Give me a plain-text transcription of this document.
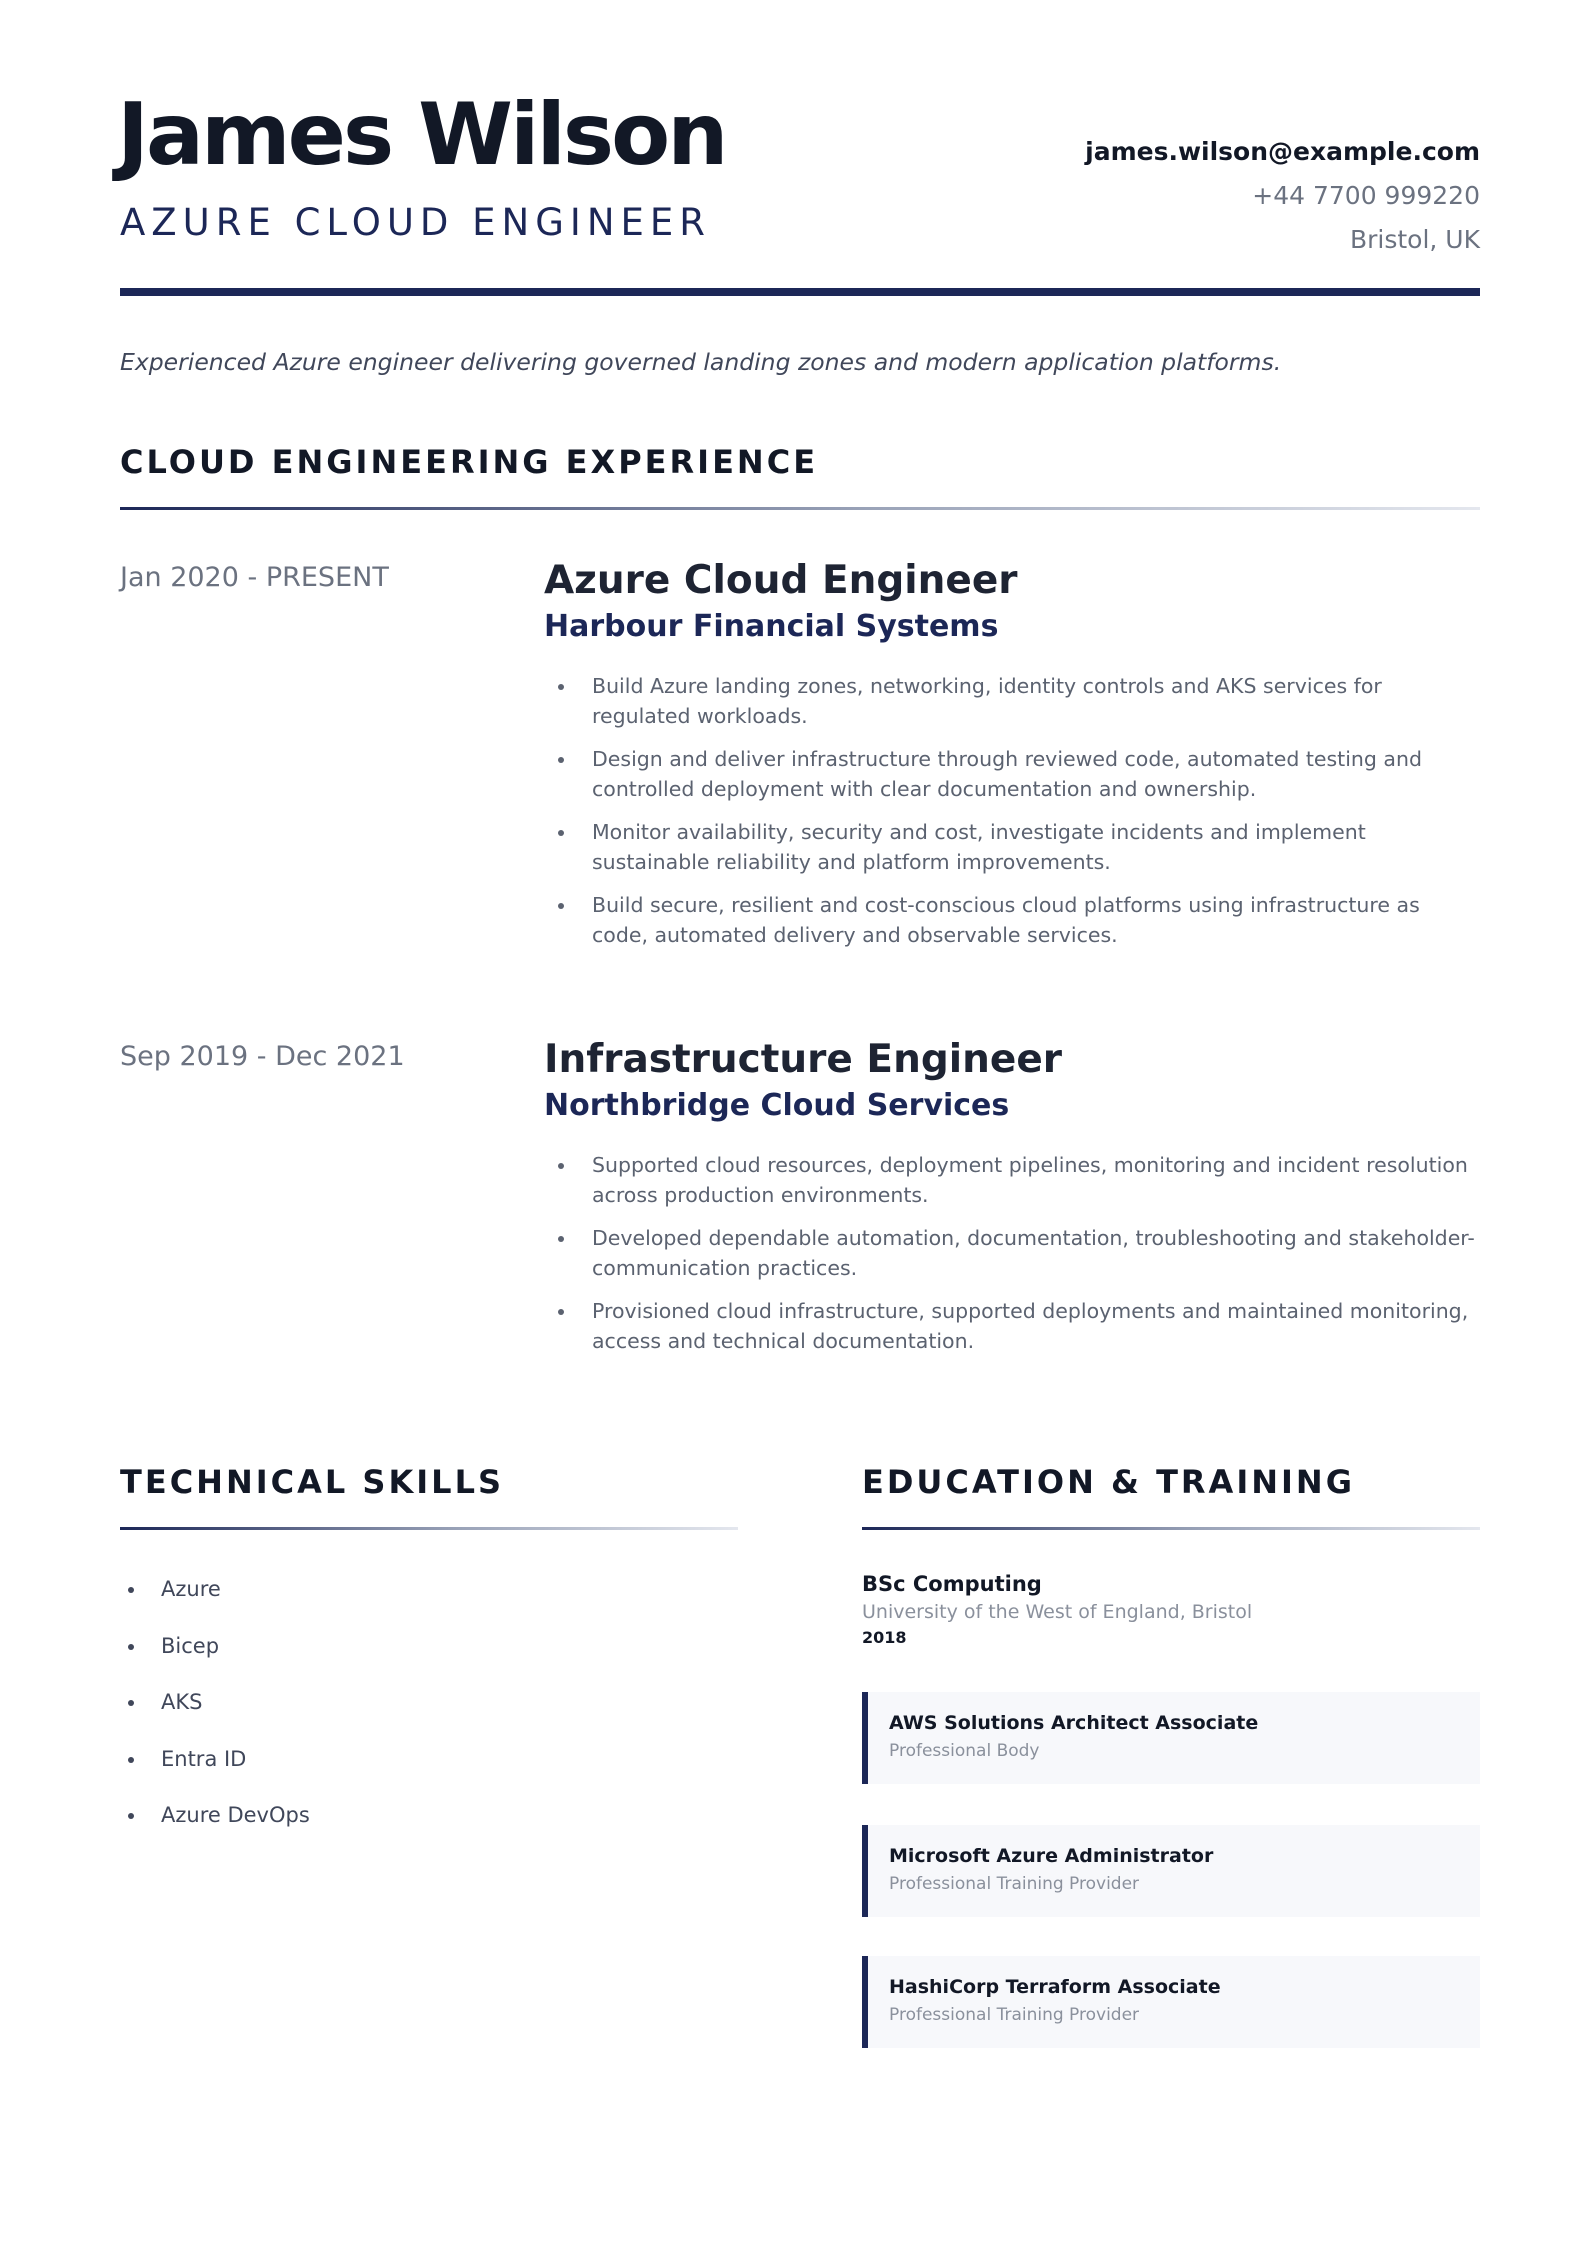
James Wilson
AZURE CLOUD ENGINEER
james.wilson@example.com
+44 7700 999220
Bristol, UK
Experienced Azure engineer delivering governed landing zones and modern application platforms.
CLOUD ENGINEERING EXPERIENCE
Jan 2020 - PRESENT	Azure Cloud Engineer
Harbour Financial Systems
Build Azure landing zones, networking, identity controls and AKS services for regulated workloads.
Design and deliver infrastructure through reviewed code, automated testing and controlled deployment with clear documentation and ownership.
Monitor availability, security and cost, investigate incidents and implement sustainable reliability and platform improvements.
Build secure, resilient and cost-conscious cloud platforms using infrastructure as code, automated delivery and observable services.
Sep 2019 - Dec 2021	Infrastructure Engineer
Northbridge Cloud Services
Supported cloud resources, deployment pipelines, monitoring and incident resolution across production environments.
Developed dependable automation, documentation, troubleshooting and stakeholder-communication practices.
Provisioned cloud infrastructure, supported deployments and maintained monitoring, access and technical documentation.
TECHNICAL SKILLS
Azure
Bicep
AKS
Entra ID
Azure DevOps
EDUCATION & TRAINING
BSc Computing
University of the West of England, Bristol
2018
AWS Solutions Architect Associate
Professional Body
Microsoft Azure Administrator
Professional Training Provider
HashiCorp Terraform Associate
Professional Training Provider
